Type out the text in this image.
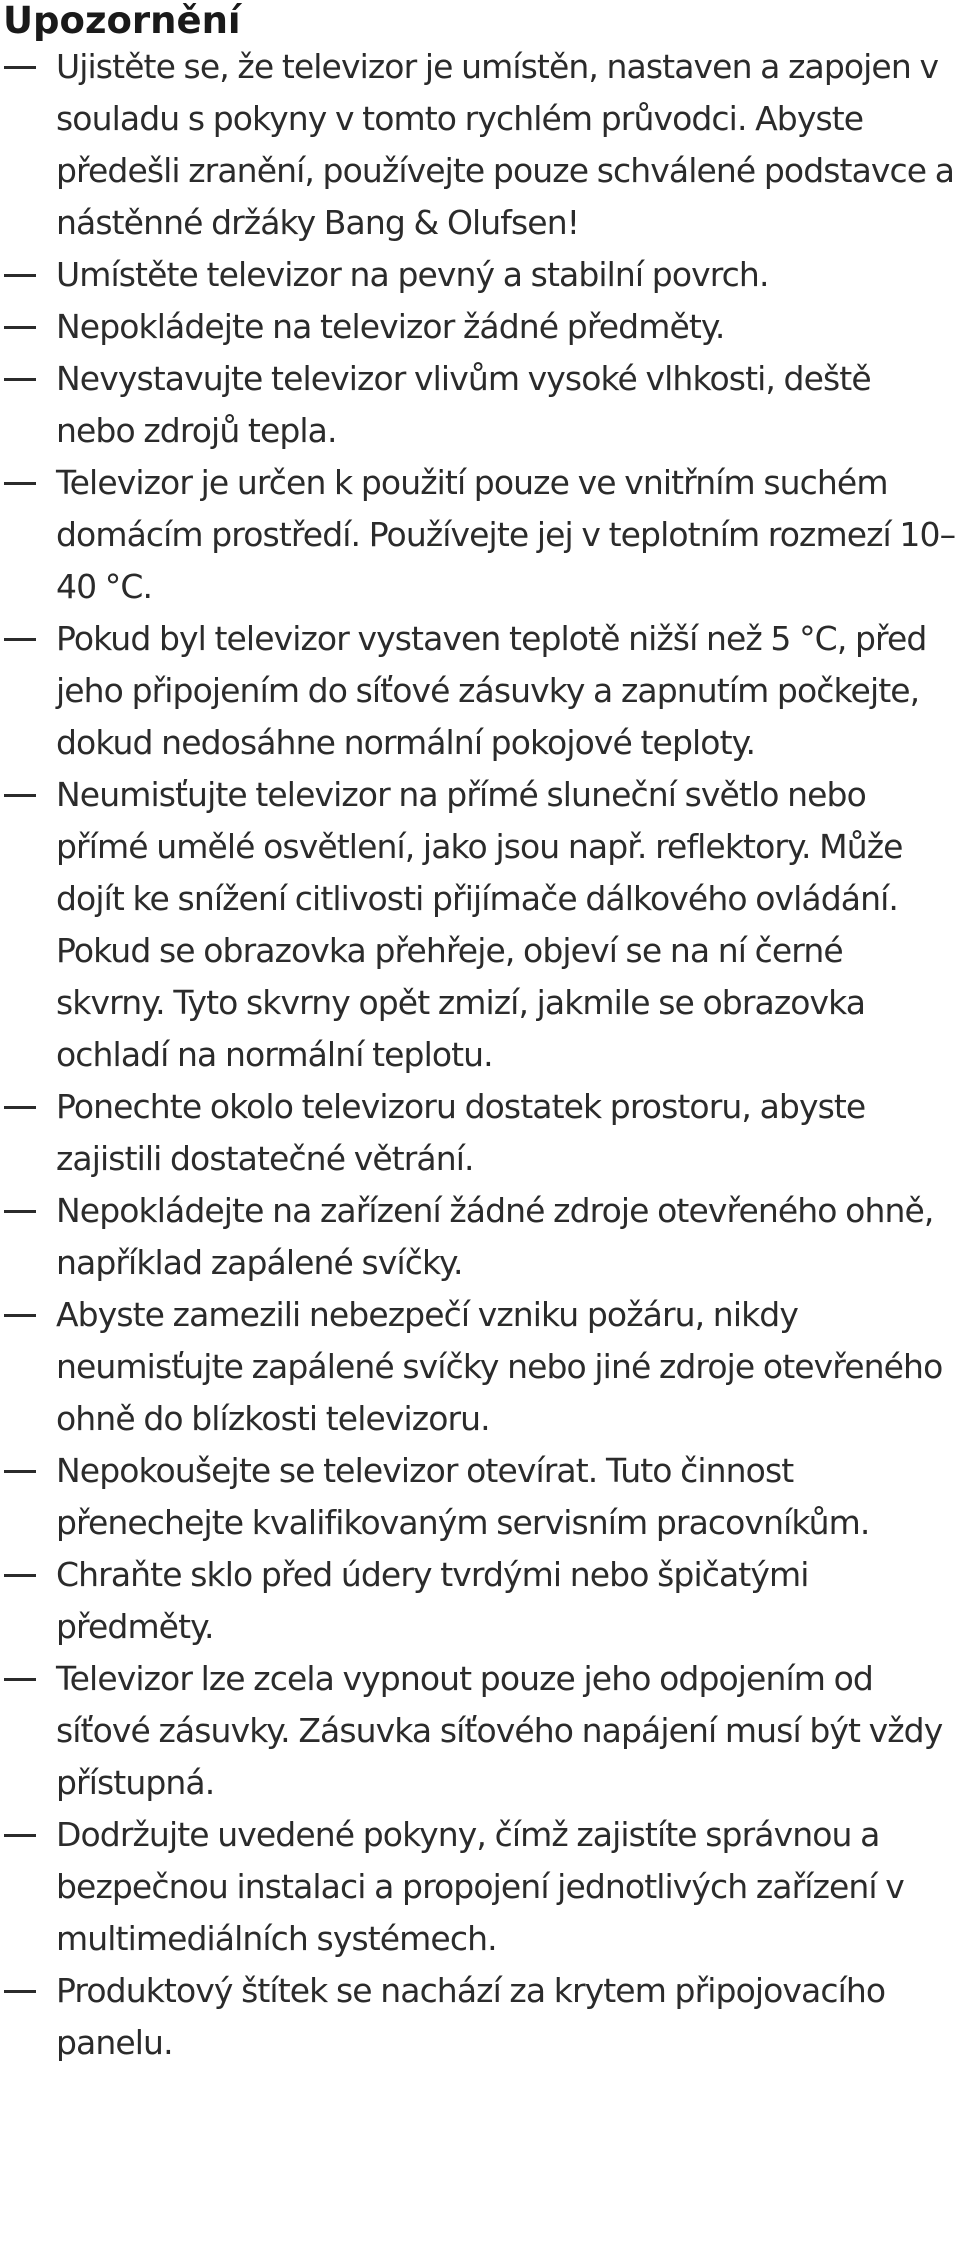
Upozornění
Ujistěte se, že televizor je umístěn, nastaven a zapojen v souladu s pokyny v tomto rychlém průvodci. Abyste předešli zranění, používejte pouze schválené podstavce a nástěnné držáky Bang & Olufsen!
Umístěte televizor na pevný a stabilní povrch.
Nepokládejte na televizor žádné předměty.
Nevystavujte televizor vlivům vysoké vlhkosti, deště nebo zdrojů tepla.
Televizor je určen k použití pouze ve vnitřním suchém domácím prostředí. Používejte jej v teplotním rozmezí 10–40 °C.
Pokud byl televizor vystaven teplotě nižší než 5 °C, před jeho připojením do síťové zásuvky a zapnutím počkejte, dokud nedosáhne normální pokojové teploty.
Neumisťujte televizor na přímé sluneční světlo nebo přímé umělé osvětlení, jako jsou např. reflektory. Může dojít ke snížení citlivosti přijímače dálkového ovládání. Pokud se obrazovka přehřeje, objeví se na ní černé skvrny. Tyto skvrny opět zmizí, jakmile se obrazovka ochladí na normální teplotu.
Ponechte okolo televizoru dostatek prostoru, abyste zajistili dostatečné větrání.
Nepokládejte na zařízení žádné zdroje otevřeného ohně, například zapálené svíčky.
Abyste zamezili nebezpečí vzniku požáru, nikdy neumisťujte zapálené svíčky nebo jiné zdroje otevřeného ohně do blízkosti televizoru.
Nepokoušejte se televizor otevírat. Tuto činnost přenechejte kvalifikovaným servisním pracovníkům.
Chraňte sklo před údery tvrdými nebo špičatými předměty.
Televizor lze zcela vypnout pouze jeho odpojením od síťové zásuvky. Zásuvka síťového napájení musí být vždy přístupná.
Dodržujte uvedené pokyny, čímž zajistíte správnou a bezpečnou instalaci a propojení jednotlivých zařízení v multimediálních systémech.
Produktový štítek se nachází za krytem připojovacího panelu.
